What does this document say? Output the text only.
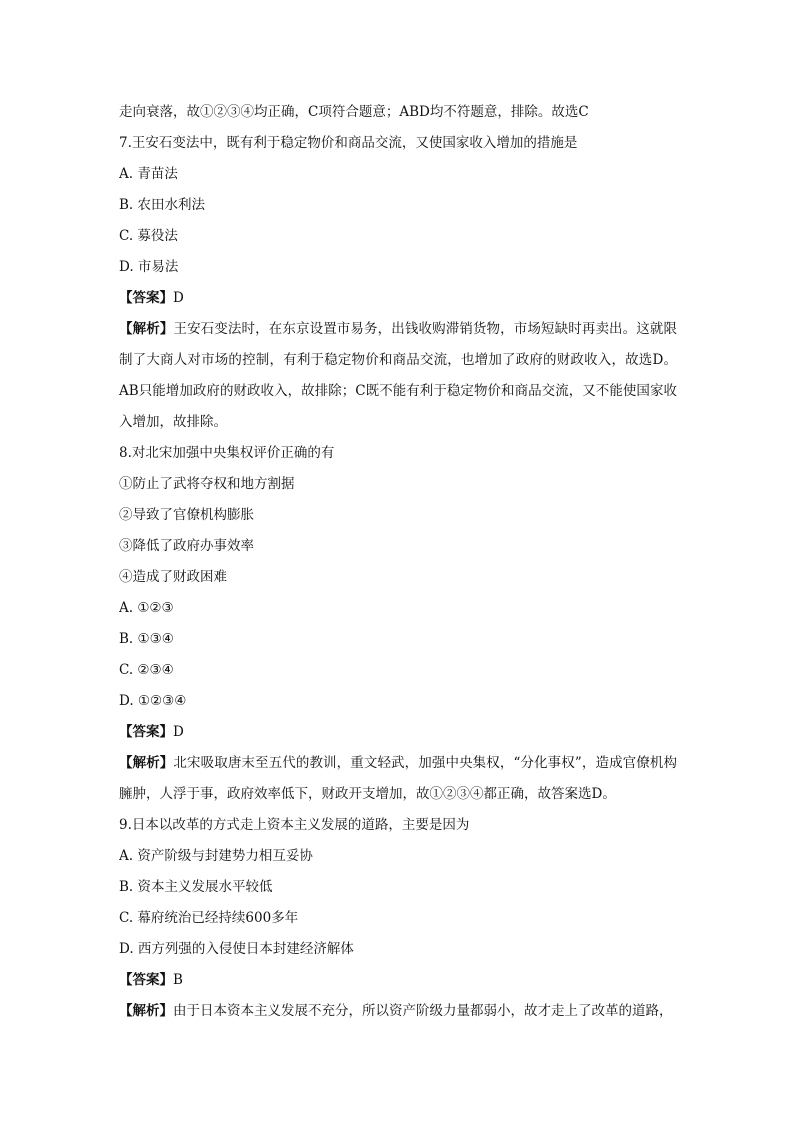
走向衰落，故①②③④均正确，C项符合题意；ABD均不符题意，排除。故选C
7.王安石变法中，既有利于稳定物价和商品交流，又使国家收入增加的措施是
A. 青苗法
B. 农田水利法
C. 募役法
D. 市易法
【答案】D
【解析】王安石变法时，在东京设置市易务，出钱收购滞销货物，市场短缺时再卖出。这就限制了大商人对市场的控制，有利于稳定物价和商品交流，也增加了政府的财政收入，故选D。AB只能增加政府的财政收入，故排除；C既不能有利于稳定物价和商品交流，又不能使国家收入增加，故排除。
8.对北宋加强中央集权评价正确的有
①防止了武将夺权和地方割据
②导致了官僚机构膨胀
③降低了政府办事效率
④造成了财政困难
A. ①②③
B. ①③④
C. ②③④
D. ①②③④
【答案】D
【解析】北宋吸取唐末至五代的教训，重文轻武，加强中央集权，“分化事权”，造成官僚机构臃肿，人浮于事，政府效率低下，财政开支增加，故①②③④都正确，故答案选D。
9.日本以改革的方式走上资本主义发展的道路，主要是因为
A. 资产阶级与封建势力相互妥协
B. 资本主义发展水平较低
C. 幕府统治已经持续600多年
D. 西方列强的入侵使日本封建经济解体
【答案】B
【解析】由于日本资本主义发展不充分，所以资产阶级力量都弱小，故才走上了改革的道路，
